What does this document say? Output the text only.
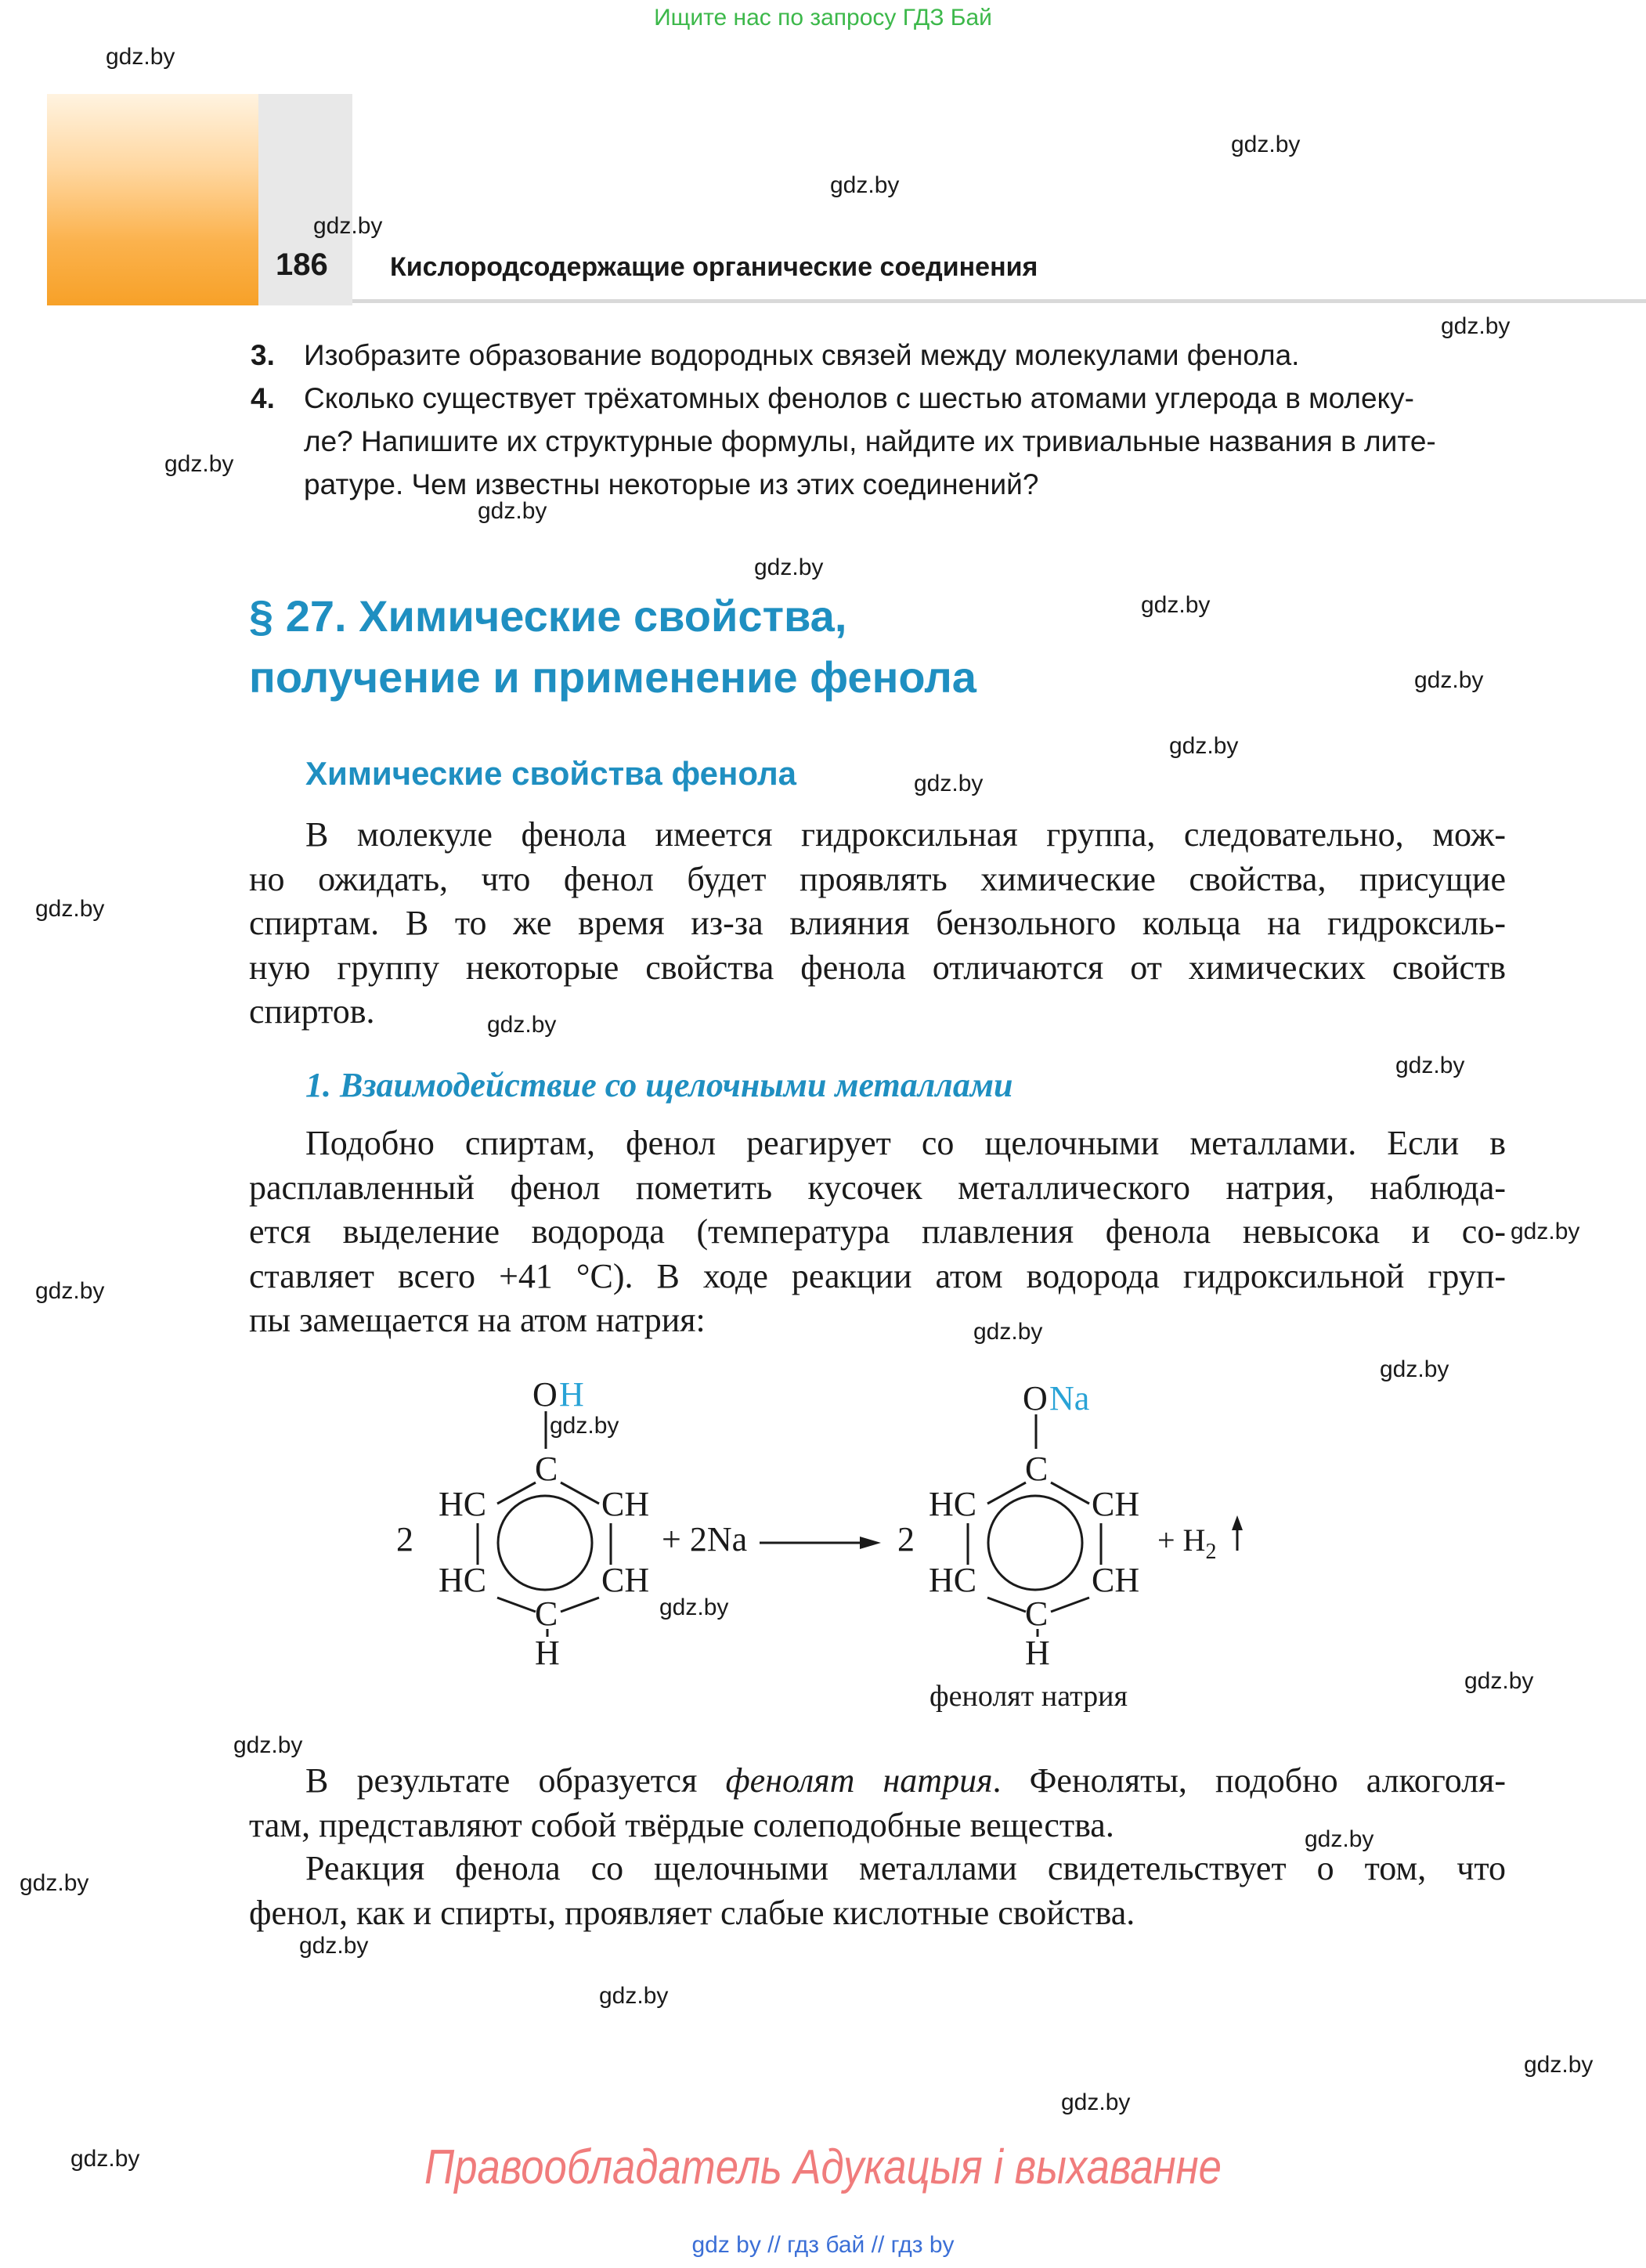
Ищите нас по запросу ГДЗ Бай
186 Кислородсодержащие органические соединения
3. Изобразите образование водородных связей между молекулами фенола.
4. Сколько существует трёхатомных фенолов с шестью атомами углерода в молеку-
ле? Напишите их структурные формулы, найдите их тривиальные названия в лите-
ратуре. Чем известны некоторые из этих соединений?
§ 27. Химические свойства,
получение и применение фенола
Химические свойства фенола
В молекуле фенола имеется гидроксильная группа, следовательно, мож-
но ожидать, что фенол будет проявлять химические свойства, присущие
спиртам. В то же время из-за влияния бензольного кольца на гидроксиль-
ную группу некоторые свойства фенола отличаются от химических свойств
спиртов.
1. Взаимодействие со щелочными металлами
Подобно спиртам, фенол реагирует со щелочными металлами. Если в
расплавленный фенол пометить кусочек металлического натрия, наблюда-
ется выделение водорода (температура плавления фенола невысока и со-
ставляет всего +41 °С). В ходе реакции атом водорода гидроксильной груп-
пы замещается на атом натрия:
2
O H
C
HC	CH
HC	CH
C
H
+ 2Na	2
O Na
C
HC	CH
HC	CH
C
H
+ $H_2$
фенолят натрия
В результате образуется фенолят натрия. Феноляты, подобно алкоголя-
там, представляют собой твёрдые солеподобные вещества.
Реакция фенола со щелочными металлами свидетельствует о том, что
фенол, как и спирты, проявляет слабые кислотные свойства.
gdz.by
gdz.by
gdz.by
gdz.by
gdz.by
gdz.by
gdz.by
gdz.by
gdz.by
gdz.by
gdz.by
gdz.by
gdz.by
gdz.by
gdz.by
gdz.by
gdz.by
gdz.by
gdz.by
gdz.by
gdz.by
gdz.by
gdz.by
gdz.by
gdz.by
gdz.by
gdz.by
gdz.by
gdz.by
gdz.by	Правообладатель Адукацыя і выхаванне
gdz by // гдз бай // гдз by
